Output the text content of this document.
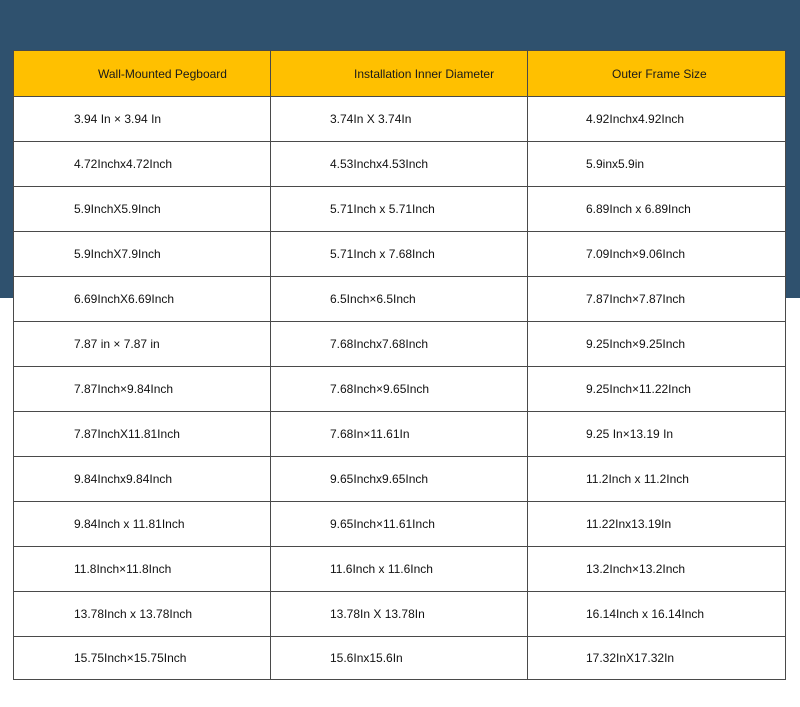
Wall-Mounted Pegboard	Installation Inner Diameter	Outer Frame Size
3.94 In × 3.94 In	3.74In X 3.74In	4.92Inchx4.92Inch
4.72Inchx4.72Inch	4.53Inchx4.53Inch	5.9inx5.9in
5.9InchX5.9Inch	5.71Inch x 5.71Inch	6.89Inch x 6.89Inch
5.9InchX7.9Inch	5.71Inch x 7.68Inch	7.09Inch×9.06Inch
6.69InchX6.69Inch	6.5Inch×6.5Inch	7.87Inch×7.87Inch
7.87 in × 7.87 in	7.68Inchx7.68Inch	9.25Inch×9.25Inch
7.87Inch×9.84Inch	7.68Inch×9.65Inch	9.25Inch×11.22Inch
7.87InchX11.81Inch	7.68In×11.61In	9.25 In×13.19 In
9.84Inchx9.84Inch	9.65Inchx9.65Inch	11.2Inch x 11.2Inch
9.84Inch x 11.81Inch	9.65Inch×11.61Inch	11.22Inx13.19In
11.8Inch×11.8Inch	11.6Inch x 11.6Inch	13.2Inch×13.2Inch
13.78Inch x 13.78Inch	13.78In X 13.78In	16.14Inch x 16.14Inch
15.75Inch×15.75Inch	15.6Inx15.6In	17.32InX17.32In
